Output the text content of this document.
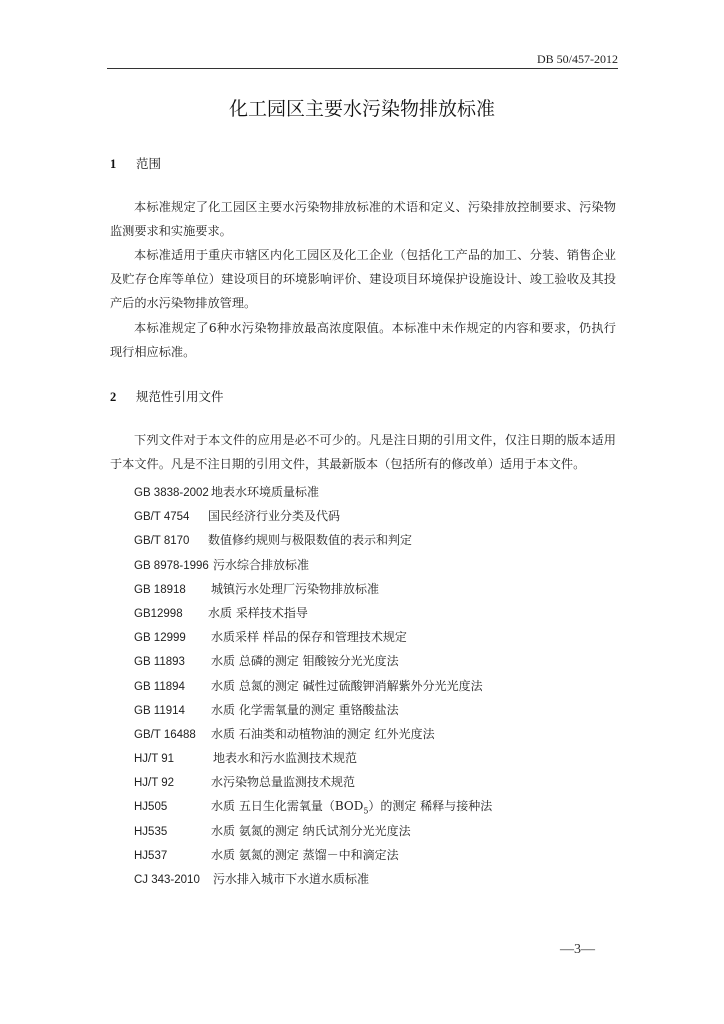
DB 50/457-2012
化工园区主要水污染物排放标准
1 范围

本标准规定了化工园区主要水污染物排放标准的术语和定义、污染排放控制要求、污染物监测要求和实施要求。

本标准适用于重庆市辖区内化工园区及化工企业（包括化工产品的加工、分装、销售企业及贮存仓库等单位）建设项目的环境影响评价、建设项目环境保护设施设计、竣工验收及其投产后的水污染物排放管理。

本标准规定了6种水污染物排放最高浓度限值。本标准中未作规定的内容和要求，仍执行现行相应标准。

2 规范性引用文件

下列文件对于本文件的应用是必不可少的。凡是注日期的引用文件，仅注日期的版本适用于本文件。凡是不注日期的引用文件，其最新版本（包括所有的修改单）适用于本文件。

GB 3838-2002 地表水环境质量标准
GB/T 4754 国民经济行业分类及代码
GB/T 8170 数值修约规则与极限数值的表示和判定
GB 8978-1996 污水综合排放标准
GB 18918 城镇污水处理厂污染物排放标准
GB12998 水质 采样技术指导
GB 12999 水质采样 样品的保存和管理技术规定
GB 11893 水质 总磷的测定 钼酸铵分光光度法
GB 11894 水质 总氮的测定 碱性过硫酸钾消解紫外分光光度法
GB 11914 水质 化学需氧量的测定 重铬酸盐法
GB/T 16488 水质 石油类和动植物油的测定 红外光度法
HJ/T 91	地表水和污水监测技术规范
HJ/T 92	水污染物总量监测技术规范
HJ505	水质 五日生化需氧量$(BOD_5)$的测定 稀释与接种法
HJ535	水质 氨氮的测定 纳氏试剂分光光度法
HJ537	水质 氨氮的测定 蒸馏－中和滴定法
CJ 343-2010 污水排入城市下水道水质标准
—3—
